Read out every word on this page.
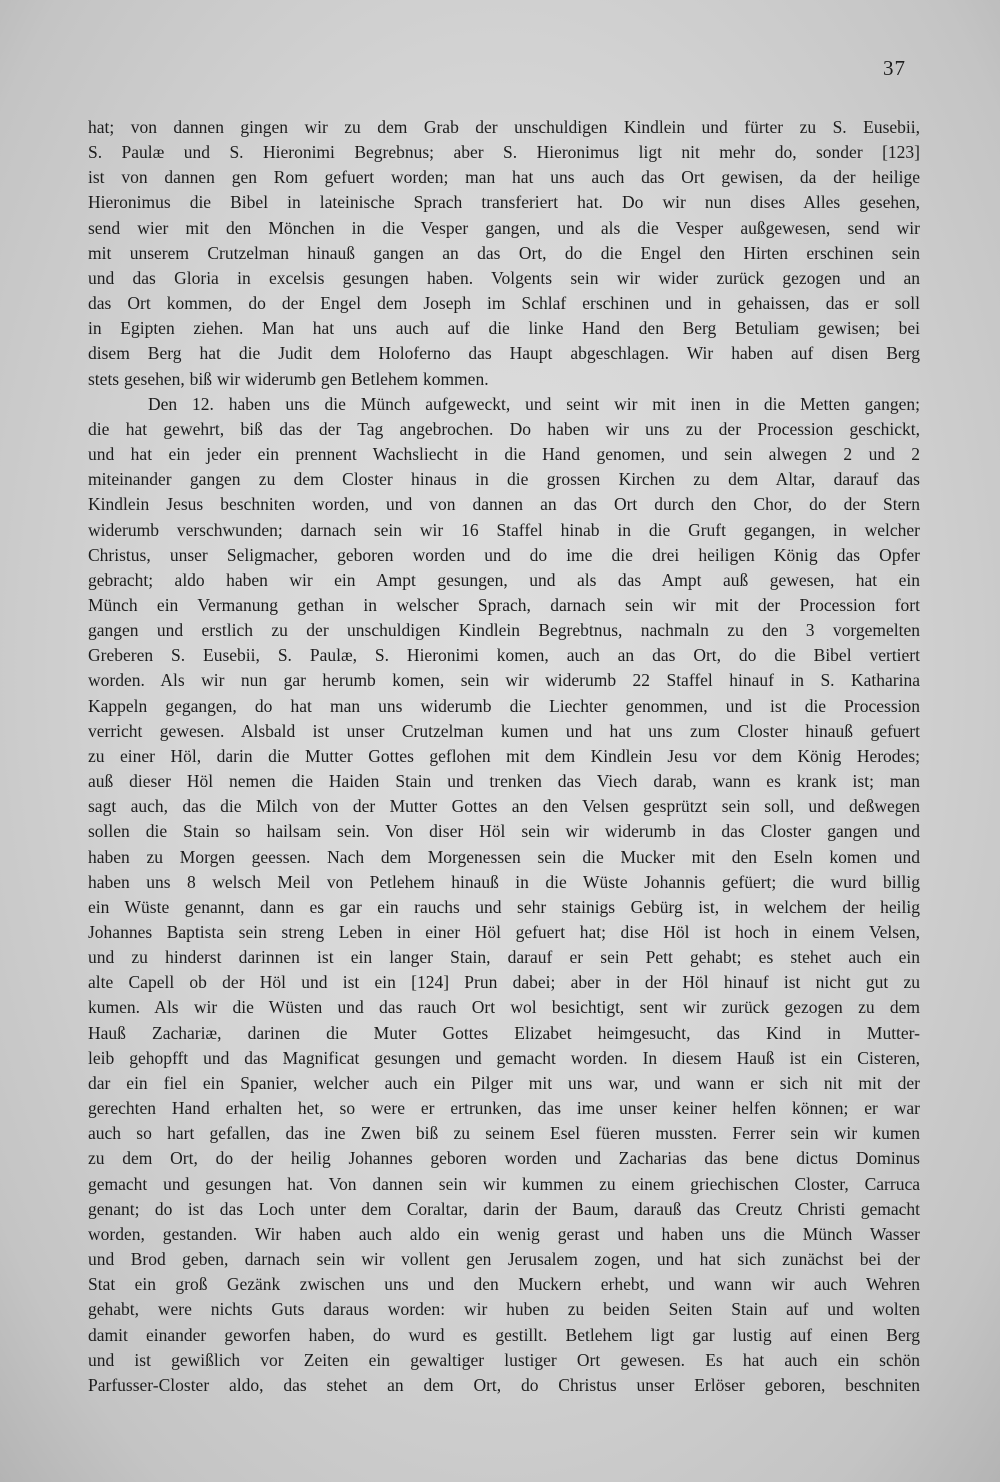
37
hat; von dannen gingen wir zu dem Grab der unschuldigen Kindlein und fürter zu S. Eusebii,
S. Paulæ und S. Hieronimi Begrebnus; aber S. Hieronimus ligt nit mehr do, sonder [123]
ist von dannen gen Rom gefuert worden; man hat uns auch das Ort gewisen, da der heilige
Hieronimus die Bibel in lateinische Sprach transferiert hat. Do wir nun dises Alles gesehen,
send wier mit den Mönchen in die Vesper gangen, und als die Vesper außgewesen, send wir
mit unserem Crutzelman hinauß gangen an das Ort, do die Engel den Hirten erschinen sein
und das Gloria in excelsis gesungen haben. Volgents sein wir wider zurück gezogen und an
das Ort kommen, do der Engel dem Joseph im Schlaf erschinen und in gehaissen, das er soll
in Egipten ziehen. Man hat uns auch auf die linke Hand den Berg Betuliam gewisen; bei
disem Berg hat die Judit dem Holoferno das Haupt abgeschlagen. Wir haben auf disen Berg
stets gesehen, biß wir widerumb gen Betlehem kommen.
Den 12. haben uns die Münch aufgeweckt, und seint wir mit inen in die Metten gangen;
die hat gewehrt, biß das der Tag angebrochen. Do haben wir uns zu der Procession geschickt,
und hat ein jeder ein prennent Wachsliecht in die Hand genomen, und sein alwegen 2 und 2
miteinander gangen zu dem Closter hinaus in die grossen Kirchen zu dem Altar, darauf das
Kindlein Jesus beschniten worden, und von dannen an das Ort durch den Chor, do der Stern
widerumb verschwunden; darnach sein wir 16 Staffel hinab in die Gruft gegangen, in welcher
Christus, unser Seligmacher, geboren worden und do ime die drei heiligen König das Opfer
gebracht; aldo haben wir ein Ampt gesungen, und als das Ampt auß gewesen, hat ein
Münch ein Vermanung gethan in welscher Sprach, darnach sein wir mit der Procession fort
gangen und erstlich zu der unschuldigen Kindlein Begrebtnus, nachmaln zu den 3 vorgemelten
Greberen S. Eusebii, S. Paulæ, S. Hieronimi komen, auch an das Ort, do die Bibel vertiert
worden. Als wir nun gar herumb komen, sein wir widerumb 22 Staffel hinauf in S. Katharina
Kappeln gegangen, do hat man uns widerumb die Liechter genommen, und ist die Procession
verricht gewesen. Alsbald ist unser Crutzelman kumen und hat uns zum Closter hinauß gefuert
zu einer Höl, darin die Mutter Gottes geflohen mit dem Kindlein Jesu vor dem König Herodes;
auß dieser Höl nemen die Haiden Stain und trenken das Viech darab, wann es krank ist; man
sagt auch, das die Milch von der Mutter Gottes an den Velsen gesprützt sein soll, und deßwegen
sollen die Stain so hailsam sein. Von diser Höl sein wir widerumb in das Closter gangen und
haben zu Morgen geessen. Nach dem Morgenessen sein die Mucker mit den Eseln komen und
haben uns 8 welsch Meil von Petlehem hinauß in die Wüste Johannis gefüert; die wurd billig
ein Wüste genannt, dann es gar ein rauchs und sehr stainigs Gebürg ist, in welchem der heilig
Johannes Baptista sein streng Leben in einer Höl gefuert hat; dise Höl ist hoch in einem Velsen,
und zu hinderst darinnen ist ein langer Stain, darauf er sein Pett gehabt; es stehet auch ein
alte Capell ob der Höl und ist ein [124] Prun dabei; aber in der Höl hinauf ist nicht gut zu
kumen. Als wir die Wüsten und das rauch Ort wol besichtigt, sent wir zurück gezogen zu dem
Hauß Zachariæ, darinen die Muter Gottes Elizabet heimgesucht, das Kind in Mutter-
leib gehopfft und das Magnificat gesungen und gemacht worden. In diesem Hauß ist ein Cisteren,
dar ein fiel ein Spanier, welcher auch ein Pilger mit uns war, und wann er sich nit mit der
gerechten Hand erhalten het, so were er ertrunken, das ime unser keiner helfen können; er war
auch so hart gefallen, das ine Zwen biß zu seinem Esel füeren mussten. Ferrer sein wir kumen
zu dem Ort, do der heilig Johannes geboren worden und Zacharias das bene dictus Dominus
gemacht und gesungen hat. Von dannen sein wir kummen zu einem griechischen Closter, Carruca
genant; do ist das Loch unter dem Coraltar, darin der Baum, darauß das Creutz Christi gemacht
worden, gestanden. Wir haben auch aldo ein wenig gerast und haben uns die Münch Wasser
und Brod geben, darnach sein wir vollent gen Jerusalem zogen, und hat sich zunächst bei der
Stat ein groß Gezänk zwischen uns und den Muckern erhebt, und wann wir auch Wehren
gehabt, were nichts Guts daraus worden: wir huben zu beiden Seiten Stain auf und wolten
damit einander geworfen haben, do wurd es gestillt. Betlehem ligt gar lustig auf einen Berg
und ist gewißlich vor Zeiten ein gewaltiger lustiger Ort gewesen. Es hat auch ein schön
Parfusser-Closter aldo, das stehet an dem Ort, do Christus unser Erlöser geboren, beschniten
